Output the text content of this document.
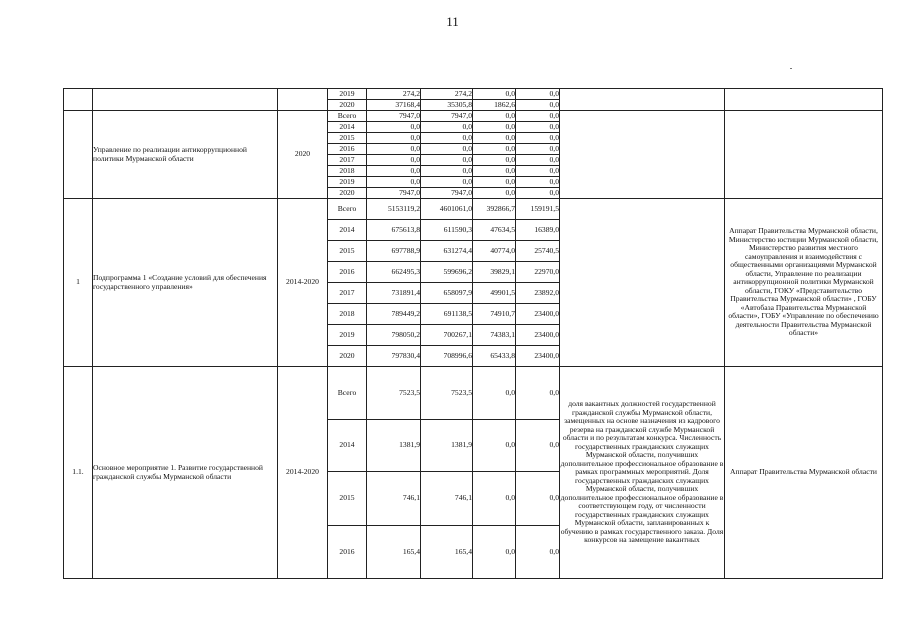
11
			2019	274,2	274,2	0,0	0,0		
			2020	37168,4	35305,8	1862,6	0,0		
	Управление по реализации антикоррупционной политики Мурманской области	2020	Всего	7947,0	7947,0	0,0	0,0		
			2014	0,0	0,0	0,0	0,0		
			2015	0,0	0,0	0,0	0,0		
			2016	0,0	0,0	0,0	0,0		
			2017	0,0	0,0	0,0	0,0		
			2018	0,0	0,0	0,0	0,0		
			2019	0,0	0,0	0,0	0,0		
			2020	7947,0	7947,0	0,0	0,0		
1	Подпрограмма 1 «Создание условий для обеспечения государственного управления»	2014-2020	Всего	5153119,2	4601061,0	392866,7	159191,5		Аппарат Правительства Мурманской области, Министерство юстиции Мурманской области, Министерство развития местного самоуправления и взаимодействия с общественными организациями Мурманской области, Управление по реализации антикоррупционной политики Мурманской области, ГОКУ «Представительство Правительства Мурманской области» , ГОБУ «Автобаза Правительства Мурманской области», ГОБУ «Управление по обеспечению деятельности Правительства Мурманской области»
			2014	675613,8	611590,3	47634,5	16389,0		
			2015	697788,9	631274,4	40774,0	25740,5		
			2016	662495,3	599696,2	39829,1	22970,0		
			2017	731891,4	658097,9	49901,5	23892,0		
			2018	789449,2	691138,5	74910,7	23400,0		
			2019	798050,2	700267,1	74383,1	23400,0		
			2020	797830,4	708996,6	65433,8	23400,0		
1.1.	Основное мероприятие 1. Развитие государственной гражданской службы Мурманской области	2014-2020	Всего	7523,5	7523,5	0,0	0,0	доля вакантных должностей государственной гражданской службы Мурманской области, замещенных на основе назначения из кадрового резерва на гражданской службе Мурманской области и по результатам конкурса. Численность государственных гражданских служащих Мурманской области, получивших дополнительное профессиональное образование в рамках программных мероприятий. Доля государственных гражданских служащих Мурманской области, получивших дополнительное профессиональное образование в соответствующем году, от численности государственных гражданских служащих Мурманской области, запланированных к обучению в рамках государственного заказа. Доля конкурсов на замещение вакантных	Аппарат Правительства Мурманской области
			2014	1381,9	1381,9	0,0	0,0		
			2015	746,1	746,1	0,0	0,0		
			2016	165,4	165,4	0,0	0,0		
